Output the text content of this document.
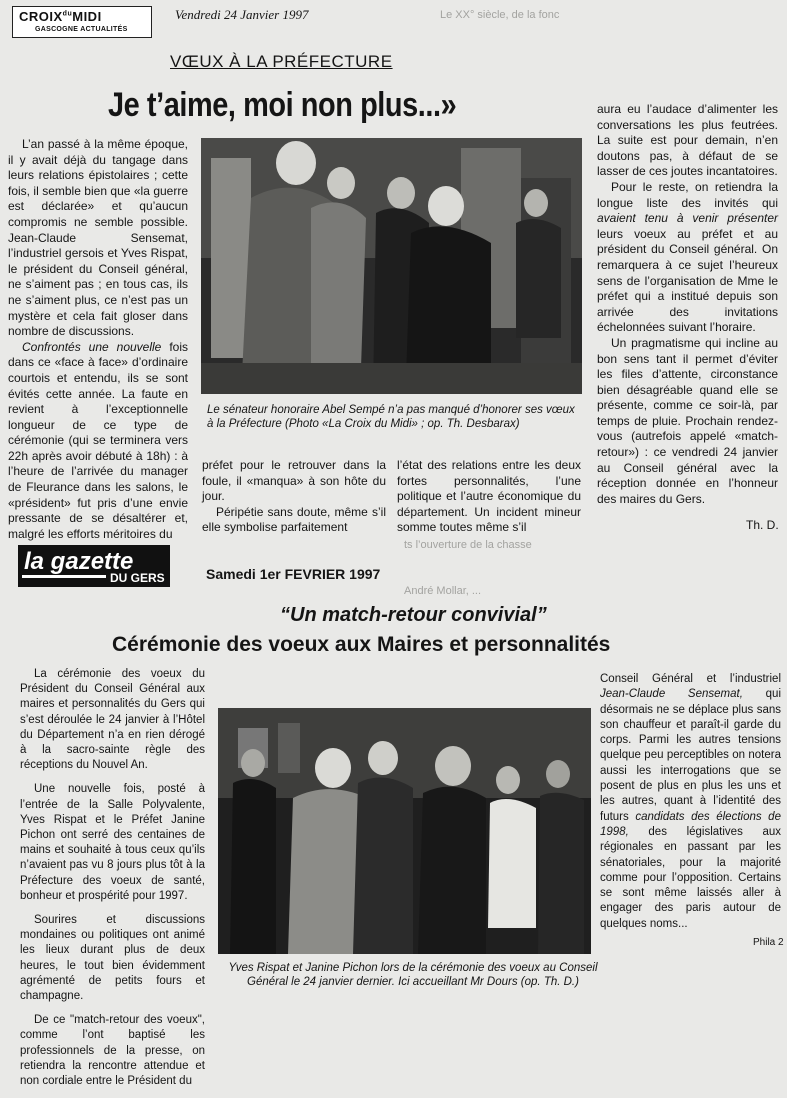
Le XX° siècle, de la fonc
ts l’ouverture de la chasse
André Mollar, ...
$CROIX^{du}MIDI$
GASCOGNE ACTUALITÉS
Vendredi 24 Janvier 1997
VŒUX À LA PRÉFECTURE
Je t’aime, moi non plus...»

L’an passé à la même époque, il y avait déjà du tangage dans leurs relations épistolaires ; cette fois, il semble bien que «la guerre est déclarée» et qu’aucun compromis ne semble possible. Jean-Claude Sensemat, l’industriel gersois et Yves Rispat, le président du Conseil général, ne s’aiment pas ; en tous cas, ils ne s’aiment plus, ce n’est pas un mystère et cela fait gloser dans nombre de discussions.

Confrontés une nouvelle fois dans ce «face à face» d’ordinaire courtois et entendu, ils se sont évités cette année. La faute en revient à l’exceptionnelle longueur de ce type de cérémonie (qui se terminera vers 22h après avoir débuté à 18h) : à l’heure de l’arrivée du manager de Fleurance dans les salons, le «président» fut pris d’une envie pressante de se désaltérer et, malgré les efforts méritoires du

Le sénateur honoraire Abel Sempé n’a pas manqué d’honorer ses vœux à la Préfecture (Photo «La Croix du Midi» ; op. Th. Desbarax)

préfet pour le retrouver dans la foule, il «manqua» à son hôte du jour.

Péripétie sans doute, même s’il elle symbolise parfaitement

l’état des relations entre les deux fortes personnalités, l’une politique et l’autre économique du département. Un incident mineur somme toutes même s’il

aura eu l’audace d’alimenter les conversations les plus feutrées. La suite est pour demain, n’en doutons pas, à défaut de se lasser de ces joutes incantatoires.

Pour le reste, on retiendra la longue liste des invités qui avaient tenu à venir présenter leurs voeux au préfet et au président du Conseil général. On remarquera à ce sujet l’heureux sens de l’organisation de Mme le préfet qui a institué depuis son arrivée des invitations échelonnées suivant l’horaire.

Un pragmatisme qui incline au bon sens tant il permet d’éviter les files d’attente, circonstance bien désagréable quand elle se présente, comme ce soir-là, par temps de pluie. Prochain rendez-vous (autrefois appelé «match-retour») : ce vendredi 24 janvier au Conseil général avec la réception donnée en l’honneur des maires du Gers.

Th. D.
la gazette
DU GERS	Samedi 1er FEVRIER 1997
“Un match-retour convivial”
Cérémonie des voeux aux Maires et personnalités

La cérémonie des voeux du Président du Conseil Général aux maires et personnalités du Gers qui s’est déroulée le 24 janvier à l’Hôtel du Département n’a en rien dérogé à la sacro-sainte règle des réceptions du Nouvel An.

Une nouvelle fois, posté à l’entrée de la Salle Polyvalente, Yves Rispat et le Préfet Janine Pichon ont serré des centaines de mains et souhaité à tous ceux qu’ils n’avaient pas vu 8 jours plus tôt à la Préfecture des voeux de santé, bonheur et prospérité pour 1997.

Sourires et discussions mondaines ou politiques ont animé les lieux durant plus de deux heures, le tout bien évidemment agrémenté de petits fours et champagne.

De ce "match-retour des voeux", comme l’ont baptisé les professionnels de la presse, on retiendra la rencontre attendue et non cordiale entre le Président du

Yves Rispat et Janine Pichon lors de la cérémonie des voeux au Conseil Général le 24 janvier dernier. Ici accueillant Mr Dours (op. Th. D.)

Conseil Général et l’industriel Jean-Claude Sensemat, qui désormais ne se déplace plus sans son chauffeur et paraît-il garde du corps. Parmi les autres tensions quelque peu perceptibles on notera aussi les interrogations que se posent de plus en plus les uns et les autres, quant à l’identité des futurs candidats des élections de 1998, des législatives aux régionales en passant par les sénatoriales, pour la majorité comme pour l’opposition. Certains se sont même laissés aller à engager des paris autour de quelques noms...

Phila 2
